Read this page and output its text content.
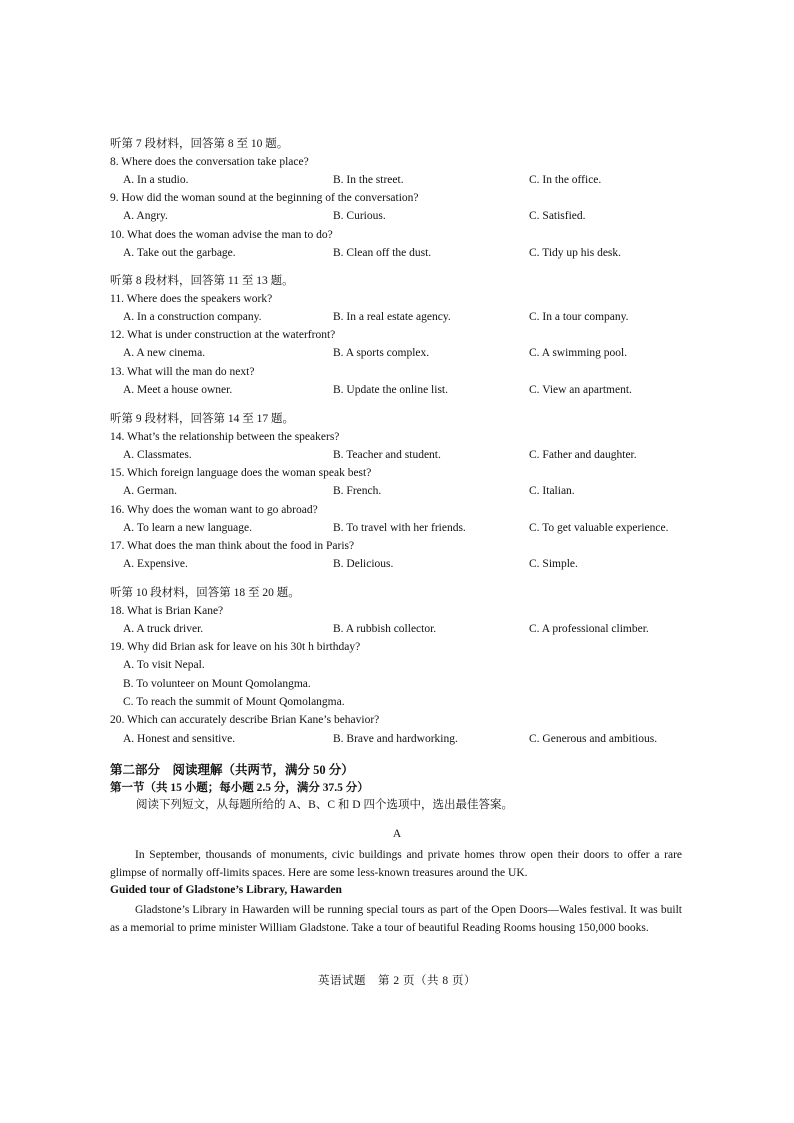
听第 7 段材料，回答第 8 至 10 题。
8. Where does the conversation take place?
A. In a studio.	B. In the street.	C. In the office.
9. How did the woman sound at the beginning of the conversation?
A. Angry.	B. Curious.	C. Satisfied.
10. What does the woman advise the man to do?
A. Take out the garbage.	B. Clean off the dust.	C. Tidy up his desk.
听第 8 段材料，回答第 11 至 13 题。
11. Where does the speakers work?
A. In a construction company.	B. In a real estate agency.	C. In a tour company.
12. What is under construction at the waterfront?
A. A new cinema.	B. A sports complex.	C. A swimming pool.
13. What will the man do next?
A. Meet a house owner.	B. Update the online list.	C. View an apartment.
听第 9 段材料，回答第 14 至 17 题。
14. What’s the relationship between the speakers?
A. Classmates.	B. Teacher and student.	C. Father and daughter.
15. Which foreign language does the woman speak best?
A. German.	B. French.	C. Italian.
16. Why does the woman want to go abroad?
A. To learn a new language.	B. To travel with her friends.	C. To get valuable experience.
17. What does the man think about the food in Paris?
A. Expensive.	B. Delicious.	C. Simple.
听第 10 段材料，回答第 18 至 20 题。
18. What is Brian Kane?
A. A truck driver.	B. A rubbish collector.	C. A professional climber.
19. Why did Brian ask for leave on his 30t h birthday?
A. To visit Nepal.
B. To volunteer on Mount Qomolangma.
C. To reach the summit of Mount Qomolangma.
20. Which can accurately describe Brian Kane’s behavior?
A. Honest and sensitive.	B. Brave and hardworking.	C. Generous and ambitious.
第二部分　阅读理解（共两节，满分 50 分）
第一节（共 15 小题；每小题 2.5 分，满分 37.5 分）
阅读下列短文，从每题所给的 A、B、C 和 D 四个选项中，选出最佳答案。
A
In September, thousands of monuments, civic buildings and private homes throw open their doors to offer a rare glimpse of normally off-limits spaces. Here are some less-known treasures around the UK.
Guided tour of Gladstone’s Library, Hawarden
Gladstone’s Library in Hawarden will be running special tours as part of the Open Doors—Wales festival. It was built as a memorial to prime minister William Gladstone. Take a tour of beautiful Reading Rooms housing 150,000 books.
英语试题　第 2 页（共 8 页）
